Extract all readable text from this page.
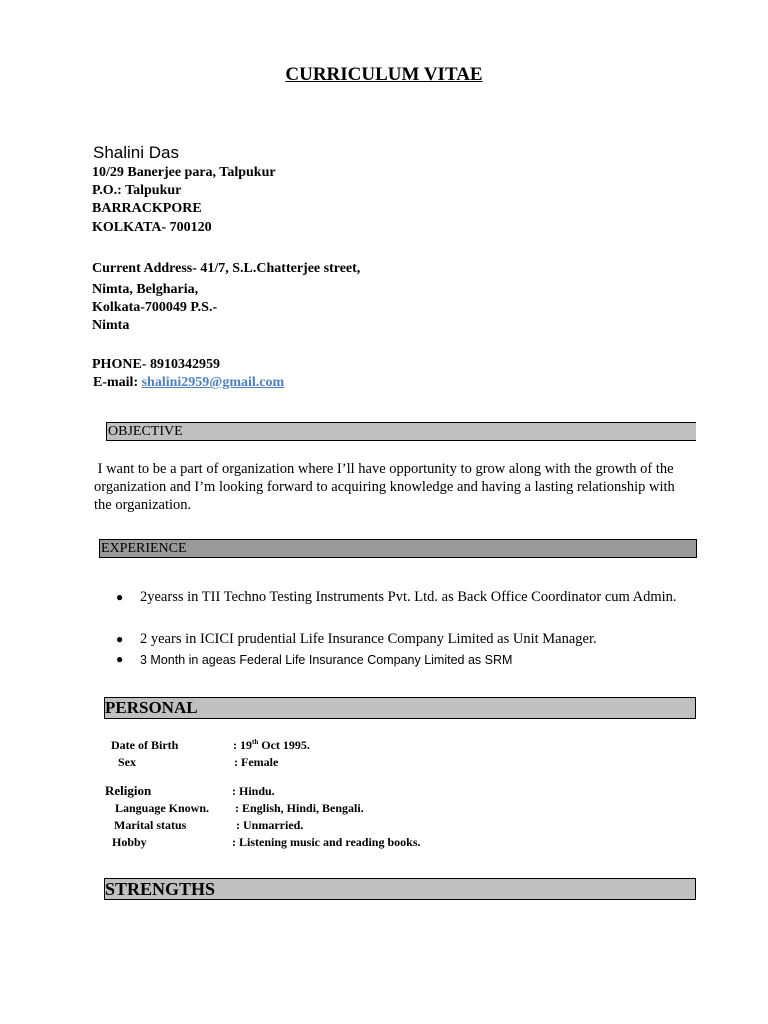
CURRICULUM VITAE
Shalini Das
10/29 Banerjee para, Talpukur
P.O.: Talpukur
BARRACKPORE
KOLKATA- 700120
Current Address- 41/7, S.L.Chatterjee street,
Nimta, Belgharia,
Kolkata-700049 P.S.-
Nimta
PHONE- 8910342959
E-mail: shalini2959@gmail.com
OBJECTIVE
I want to be a part of organization where I’ll have opportunity to grow along with the growth of the organization and I’m looking forward to acquiring knowledge and having a lasting relationship with the organization.
EXPERIENCE
● 2yearss in TII Techno Testing Instruments Pvt. Ltd. as Back Office Coordinator cum Admin.
● 2 years in ICICI prudential Life Insurance Company Limited as Unit Manager.
● 3 Month in ageas Federal Life Insurance Company Limited as SRM
PERSONAL
Date of Birth	: 19th Oct 1995.
Sex	: Female
Religion	: Hindu.
Language Known. : English, Hindi, Bengali.
Marital status	: Unmarried.
Hobby	: Listening music and reading books.
STRENGTHS
